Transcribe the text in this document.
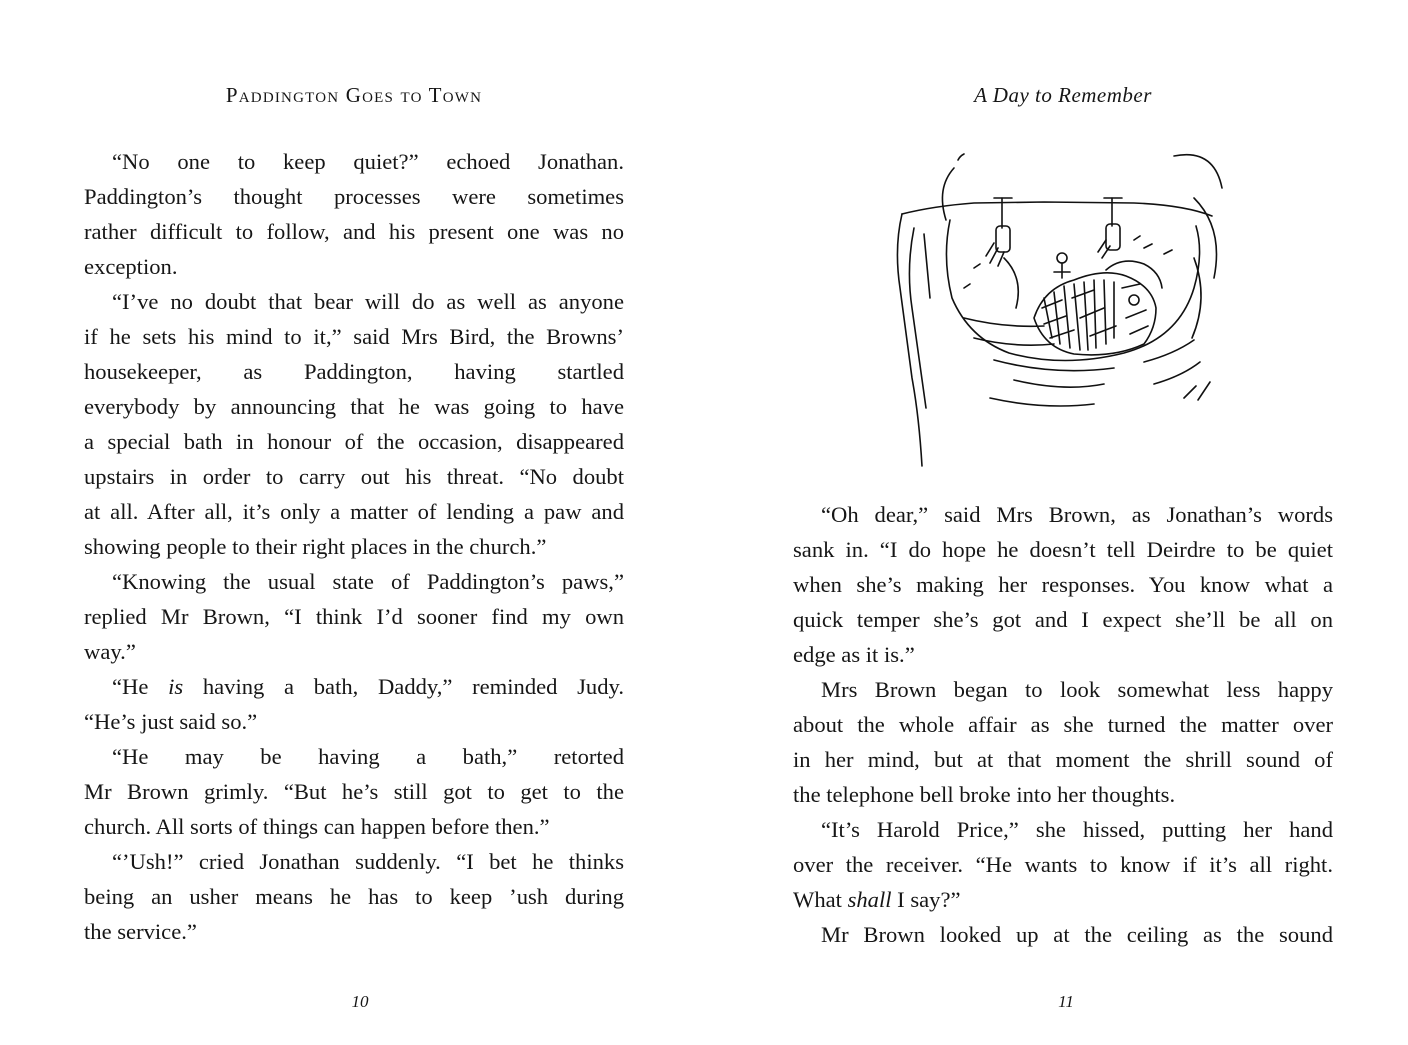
Paddington Goes to Town
“No one to keep quiet?” echoed Jonathan.
Paddington’s thought processes were sometimes
rather difficult to follow, and his present one was no
exception.
“I’ve no doubt that bear will do as well as anyone
if he sets his mind to it,” said Mrs Bird, the Browns’
housekeeper, as Paddington, having startled
everybody by announcing that he was going to have
a special bath in honour of the occasion, disappeared
upstairs in order to carry out his threat. “No doubt
at all. After all, it’s only a matter of lending a paw and
showing people to their right places in the church.”
“Knowing the usual state of Paddington’s paws,”
replied Mr Brown, “I think I’d sooner find my own
way.”
“He is having a bath, Daddy,” reminded Judy.
“He’s just said so.”
“He may be having a bath,” retorted
Mr Brown grimly. “But he’s still got to get to the
church. All sorts of things can happen before then.”
“’Ush!” cried Jonathan suddenly. “I bet he thinks
being an usher means he has to keep ’ush during
the service.”
10
A Day to Remember
“Oh dear,” said Mrs Brown, as Jonathan’s words
sank in. “I do hope he doesn’t tell Deirdre to be quiet
when she’s making her responses. You know what a
quick temper she’s got and I expect she’ll be all on
edge as it is.”
Mrs Brown began to look somewhat less happy
about the whole affair as she turned the matter over
in her mind, but at that moment the shrill sound of
the telephone bell broke into her thoughts.
“It’s Harold Price,” she hissed, putting her hand
over the receiver. “He wants to know if it’s all right.
What shall I say?”
Mr Brown looked up at the ceiling as the sound
11
